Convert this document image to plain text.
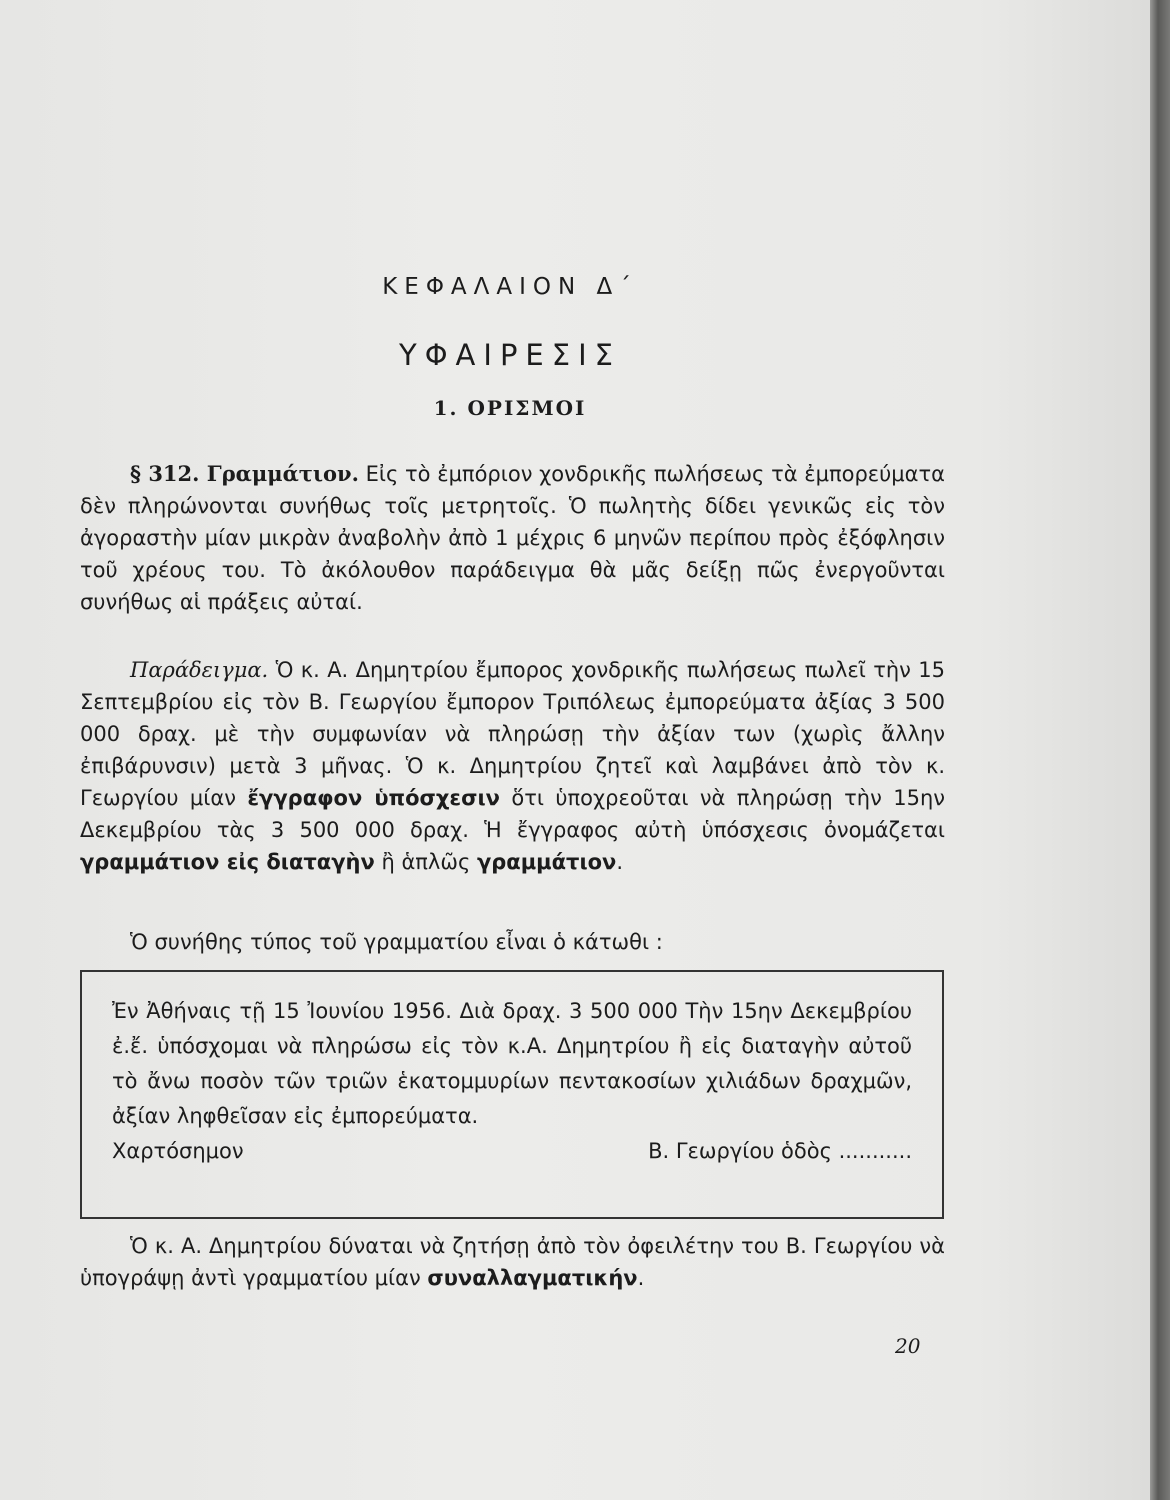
ΚΕΦΑΛΑΙΟΝ Δ΄
ΥΦΑΙΡΕΣΙΣ
1. ΟΡΙΣΜΟΙ
§ 312. Γραμμάτιον. Εἰς τὸ ἐμπόριον χονδρικῆς πωλήσεως τὰ ἐμπορεύματα δὲν πληρώνονται συνήθως τοῖς μετρητοῖς. Ὁ πωλητὴς δίδει γενικῶς εἰς τὸν ἀγοραστὴν μίαν μικρὰν ἀναβολὴν ἀπὸ 1 μέχρις 6 μηνῶν περίπου πρὸς ἐξόφλησιν τοῦ χρέους του. Τὸ ἀκόλουθον παράδειγμα θὰ μᾶς δείξῃ πῶς ἐνεργοῦνται συνήθως αἱ πράξεις αὐταί.
Παράδειγμα. Ὁ κ. Α. Δημητρίου ἔμπορος χονδρικῆς πωλήσεως πωλεῖ τὴν 15 Σεπτεμβρίου εἰς τὸν Β. Γεωργίου ἔμπορον Τριπόλεως ἐμπορεύματα ἀξίας 3 500 000 δραχ. μὲ τὴν συμφωνίαν νὰ πληρώσῃ τὴν ἀξίαν των (χωρὶς ἄλλην ἐπιβάρυνσιν) μετὰ 3 μῆνας. Ὁ κ. Δημητρίου ζητεῖ καὶ λαμβάνει ἀπὸ τὸν κ. Γεωργίου μίαν ἔγγραφον ὑπόσχεσιν ὅτι ὑποχρεοῦται νὰ πληρώσῃ τὴν 15ην Δεκεμβρίου τὰς 3 500 000 δραχ. Ἡ ἔγγραφος αὐτὴ ὑπόσχεσις ὀνομάζεται γραμμάτιον εἰς διαταγὴν ἢ ἁπλῶς γραμμάτιον.
Ὁ συνήθης τύπος τοῦ γραμματίου εἶναι ὁ κάτωθι :
Ἐν Ἀθήναις τῇ 15 Ἰουνίου 1956. Διὰ δραχ. 3 500 000 Τὴν 15ην Δεκεμβρίου ἐ.ἔ. ὑπόσχομαι νὰ πληρώσω εἰς τὸν κ.Α. Δημητρίου ἢ εἰς διαταγὴν αὐτοῦ τὸ ἄνω ποσὸν τῶν τριῶν ἑκατομμυρίων πεντακοσίων χιλιάδων δραχμῶν, ἀξίαν ληφθεῖσαν εἰς ἐμπορεύματα.
Χαρτόσημον	Β. Γεωργίου ὁδὸς ...........
Ὁ κ. Α. Δημητρίου δύναται νὰ ζητήσῃ ἀπὸ τὸν ὀφειλέτην του Β. Γεωργίου νὰ ὑπογράψῃ ἀντὶ γραμματίου μίαν συναλλαγματικήν.
20
